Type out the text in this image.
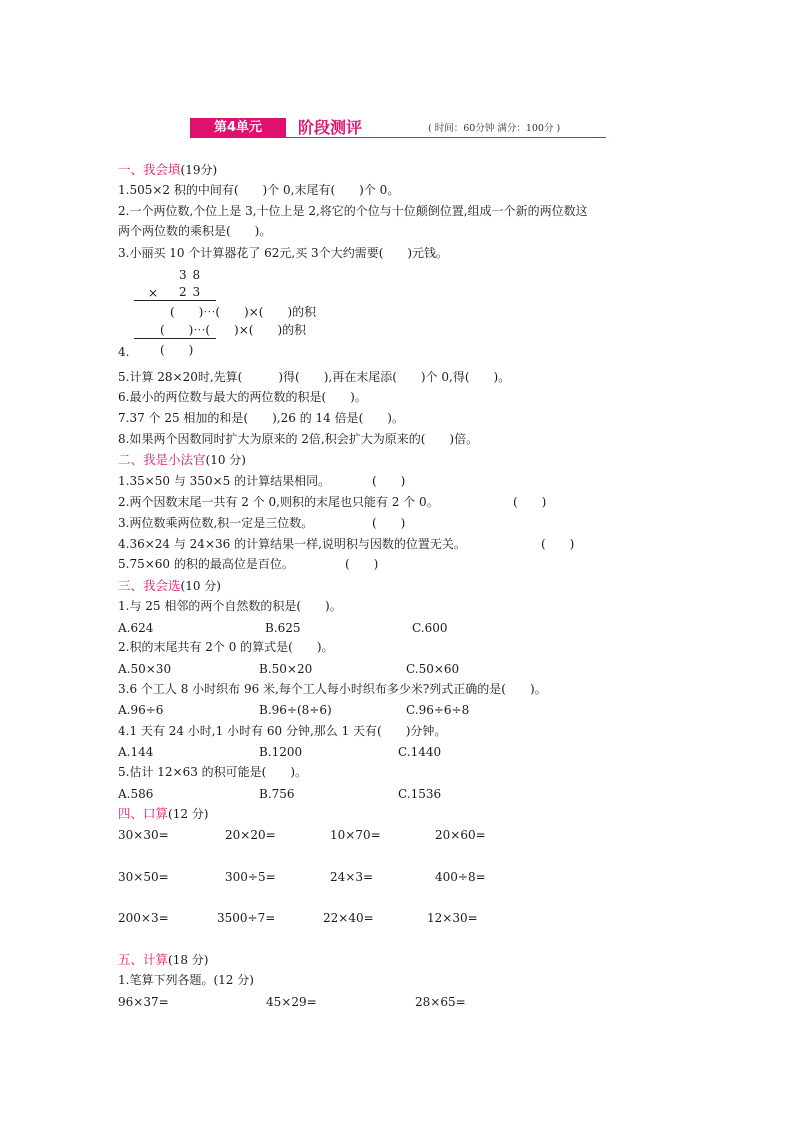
第4单元	阶段测评	( 时间：60分钟 满分：100分 )
一、我会填(19分)
1.505×2 积的中间有(　　)个 0,末尾有(　　)个 0。
2.一个两位数,个位上是 3,十位上是 2,将它的个位与十位颠倒位置,组成一个新的两位数这
两个两位数的乘积是(　　)。
3.小丽买 10 个计算器花了 62元,买 3个大约需要(　　)元钱。
3 8
× 2 3
(　　)⋯(　　)×(　　)的积
(　　)⋯(　　)×(　　)的积
4.	(　　)
5.计算 28×20时,先算(　　　)得(　　),再在末尾添(　　)个 0,得(　　)。
6.最小的两位数与最大的两位数的积是(　　)。
7.37 个 25 相加的和是(　　),26 的 14 倍是(　　)。
8.如果两个因数同时扩大为原来的 2倍,积会扩大为原来的(　　)倍。
二、我是小法官(10 分)
1.35×50 与 350×5 的计算结果相同。	(　　)
2.两个因数末尾一共有 2 个 0,则积的末尾也只能有 2 个 0。	(　　)
3.两位数乘两位数,积一定是三位数。	(　　)
4.36×24 与 24×36 的计算结果一样,说明积与因数的位置无关。	(　　)
5.75×60 的积的最高位是百位。	(　　)
三、我会选(10 分)
1.与 25 相邻的两个自然数的积是(　　)。
A.624	B.625	C.600
2.积的末尾共有 2个 0 的算式是(　　)。
A.50×30	B.50×20	C.50×60
3.6 个工人 8 小时织布 96 米,每个工人每小时织布多少米?列式正确的是(　　)。
A.96÷6	B.96÷(8÷6)	C.96÷6÷8
4.1 天有 24 小时,1 小时有 60 分钟,那么 1 天有(　　)分钟。
A.144	B.1200	C.1440
5.估计 12×63 的积可能是(　　)。
A.586	B.756	C.1536
四、口算(12 分)
30×30=	20×20=	10×70=	20×60=
30×50=	300÷5=	24×3=	400÷8=
200×3=	3500÷7=	22×40=	12×30=
五、计算(18 分)
1.笔算下列各题。(12 分)
96×37=	45×29=	28×65=
